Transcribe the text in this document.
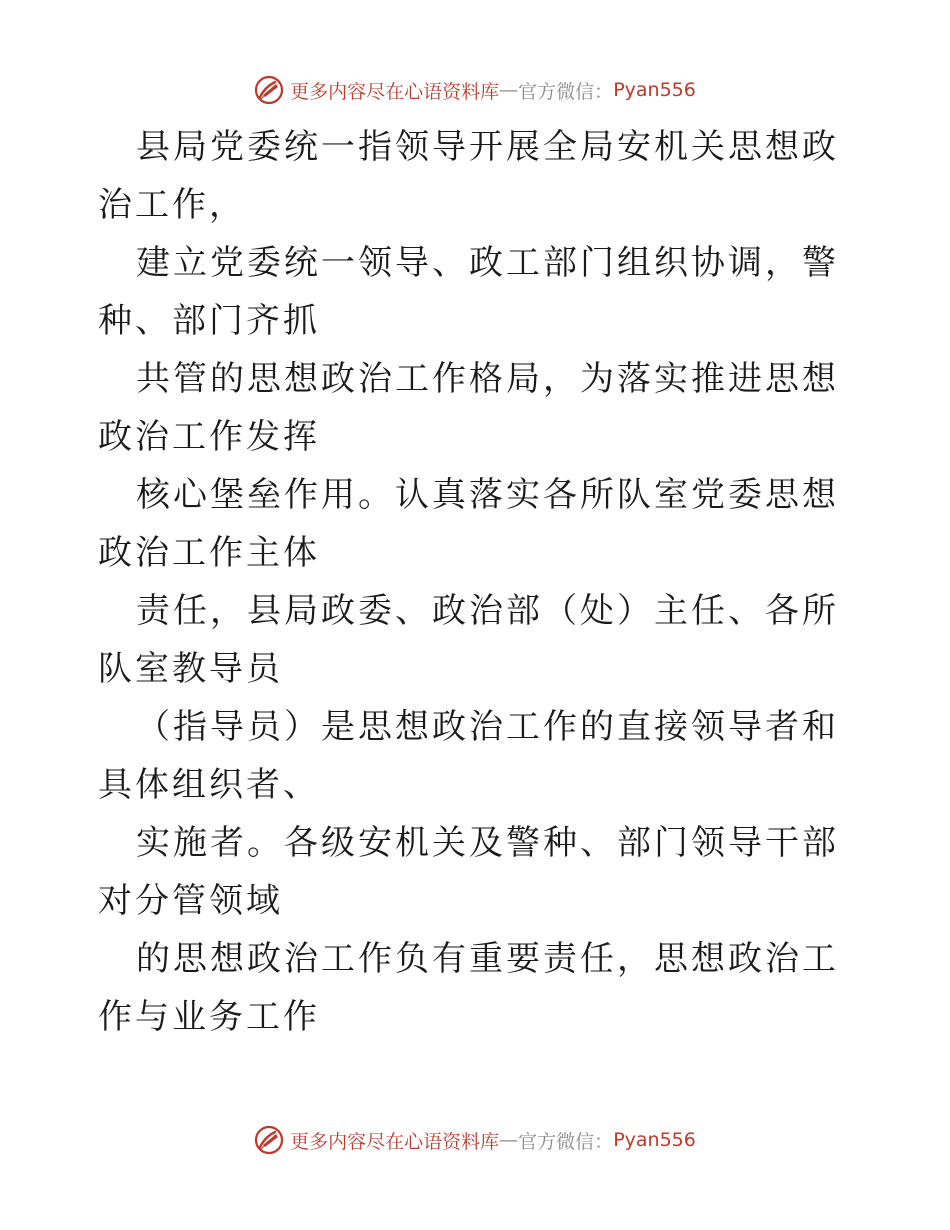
更多内容尽在心语资料库 — 官方微信： Pyan556

县局党委统一指领导开展全局安机关思想政治工作，

建立党委统一领导、政工部门组织协调，警种、部门齐抓

共管的思想政治工作格局，为落实推进思想政治工作发挥

核心堡垒作用。认真落实各所队室党委思想政治工作主体

责任，县局政委、政治部（处）主任、各所队室教导员

（指导员）是思想政治工作的直接领导者和具体组织者、

实施者。各级安机关及警种、部门领导干部对分管领域

的思想政治工作负有重要责任，思想政治工作与业务工作

更多内容尽在心语资料库 — 官方微信： Pyan556
